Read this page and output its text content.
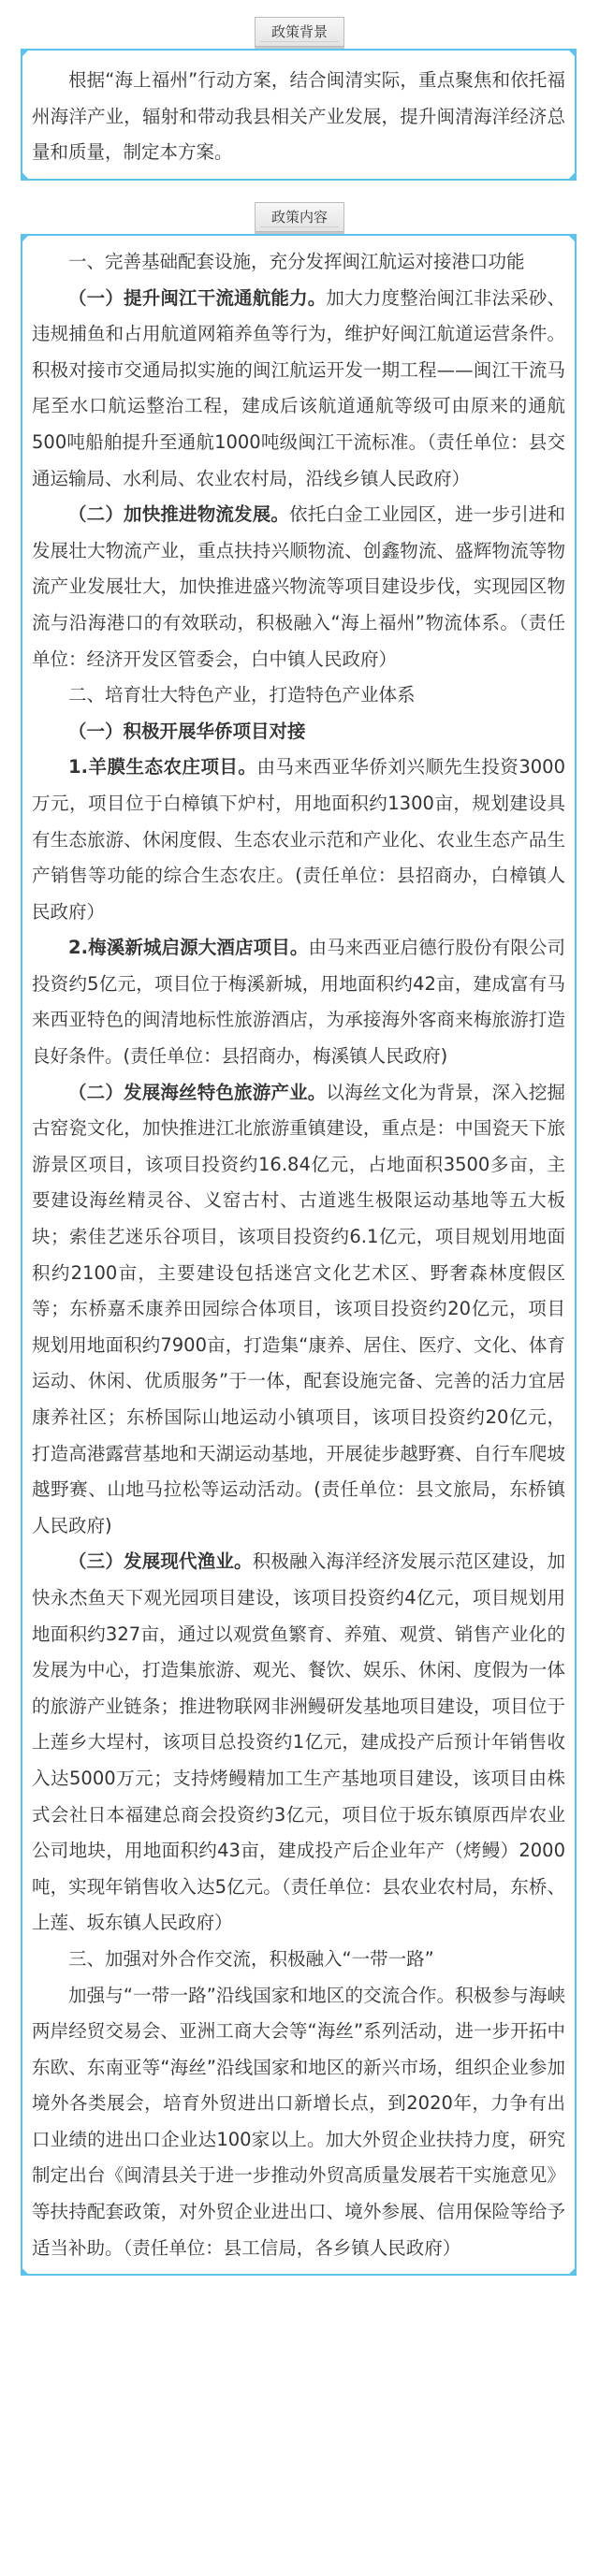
政策背景

根据“海上福州”行动方案，结合闽清实际，重点聚焦和依托福州海洋产业，辐射和带动我县相关产业发展，提升闽清海洋经济总量和质量，制定本方案。

政策内容

一、完善基础配套设施，充分发挥闽江航运对接港口功能

（一）提升闽江干流通航能力。加大力度整治闽江非法采砂、违规捕鱼和占用航道网箱养鱼等行为，维护好闽江航道运营条件。积极对接市交通局拟实施的闽江航运开发一期工程——闽江干流马尾至水口航运整治工程，建成后该航道通航等级可由原来的通航500吨船舶提升至通航1000吨级闽江干流标准。（责任单位：县交通运输局、水利局、农业农村局，沿线乡镇人民政府）

（二）加快推进物流发展。依托白金工业园区，进一步引进和发展壮大物流产业，重点扶持兴顺物流、创鑫物流、盛辉物流等物流产业发展壮大，加快推进盛兴物流等项目建设步伐，实现园区物流与沿海港口的有效联动，积极融入“海上福州”物流体系。（责任单位：经济开发区管委会，白中镇人民政府）

二、培育壮大特色产业，打造特色产业体系

（一）积极开展华侨项目对接

1.羊膜生态农庄项目。由马来西亚华侨刘兴顺先生投资3000万元，项目位于白樟镇下炉村，用地面积约1300亩，规划建设具有生态旅游、休闲度假、生态农业示范和产业化、农业生态产品生产销售等功能的综合生态农庄。(责任单位：县招商办，白樟镇人民政府）

2.梅溪新城启源大酒店项目。由马来西亚启德行股份有限公司投资约5亿元，项目位于梅溪新城，用地面积约42亩，建成富有马来西亚特色的闽清地标性旅游酒店，为承接海外客商来梅旅游打造良好条件。(责任单位：县招商办，梅溪镇人民政府)

（二）发展海丝特色旅游产业。以海丝文化为背景，深入挖掘古窑瓷文化，加快推进江北旅游重镇建设，重点是：中国瓷天下旅游景区项目，该项目投资约16.84亿元，占地面积3500多亩，主要建设海丝精灵谷、义窑古村、古道逃生极限运动基地等五大板块；索佳艺迷乐谷项目，该项目投资约6.1亿元，项目规划用地面积约2100亩，主要建设包括迷宫文化艺术区、野奢森林度假区等；东桥嘉禾康养田园综合体项目，该项目投资约20亿元，项目规划用地面积约7900亩，打造集“康养、居住、医疗、文化、体育运动、休闲、优质服务”于一体，配套设施完备、完善的活力宜居康养社区；东桥国际山地运动小镇项目，该项目投资约20亿元，打造高港露营基地和天湖运动基地，开展徒步越野赛、自行车爬坡越野赛、山地马拉松等运动活动。(责任单位：县文旅局，东桥镇人民政府)

（三）发展现代渔业。积极融入海洋经济发展示范区建设，加快永杰鱼天下观光园项目建设，该项目投资约4亿元，项目规划用地面积约327亩，通过以观赏鱼繁育、养殖、观赏、销售产业化的发展为中心，打造集旅游、观光、餐饮、娱乐、休闲、度假为一体的旅游产业链条；推进物联网非洲鳗研发基地项目建设，项目位于上莲乡大埕村，该项目总投资约1亿元，建成投产后预计年销售收入达5000万元；支持烤鳗精加工生产基地项目建设，该项目由株式会社日本福建总商会投资约3亿元，项目位于坂东镇原西岸农业公司地块，用地面积约43亩，建成投产后企业年产（烤鳗）2000吨，实现年销售收入达5亿元。（责任单位：县农业农村局，东桥、上莲、坂东镇人民政府）

三、加强对外合作交流，积极融入“一带一路”

加强与“一带一路”沿线国家和地区的交流合作。积极参与海峡两岸经贸交易会、亚洲工商大会等“海丝”系列活动，进一步开拓中东欧、东南亚等“海丝”沿线国家和地区的新兴市场，组织企业参加境外各类展会，培育外贸进出口新增长点，到2020年，力争有出口业绩的进出口企业达100家以上。加大外贸企业扶持力度，研究制定出台《闽清县关于进一步推动外贸高质量发展若干实施意见》等扶持配套政策，对外贸企业进出口、境外参展、信用保险等给予适当补助。（责任单位：县工信局，各乡镇人民政府）
